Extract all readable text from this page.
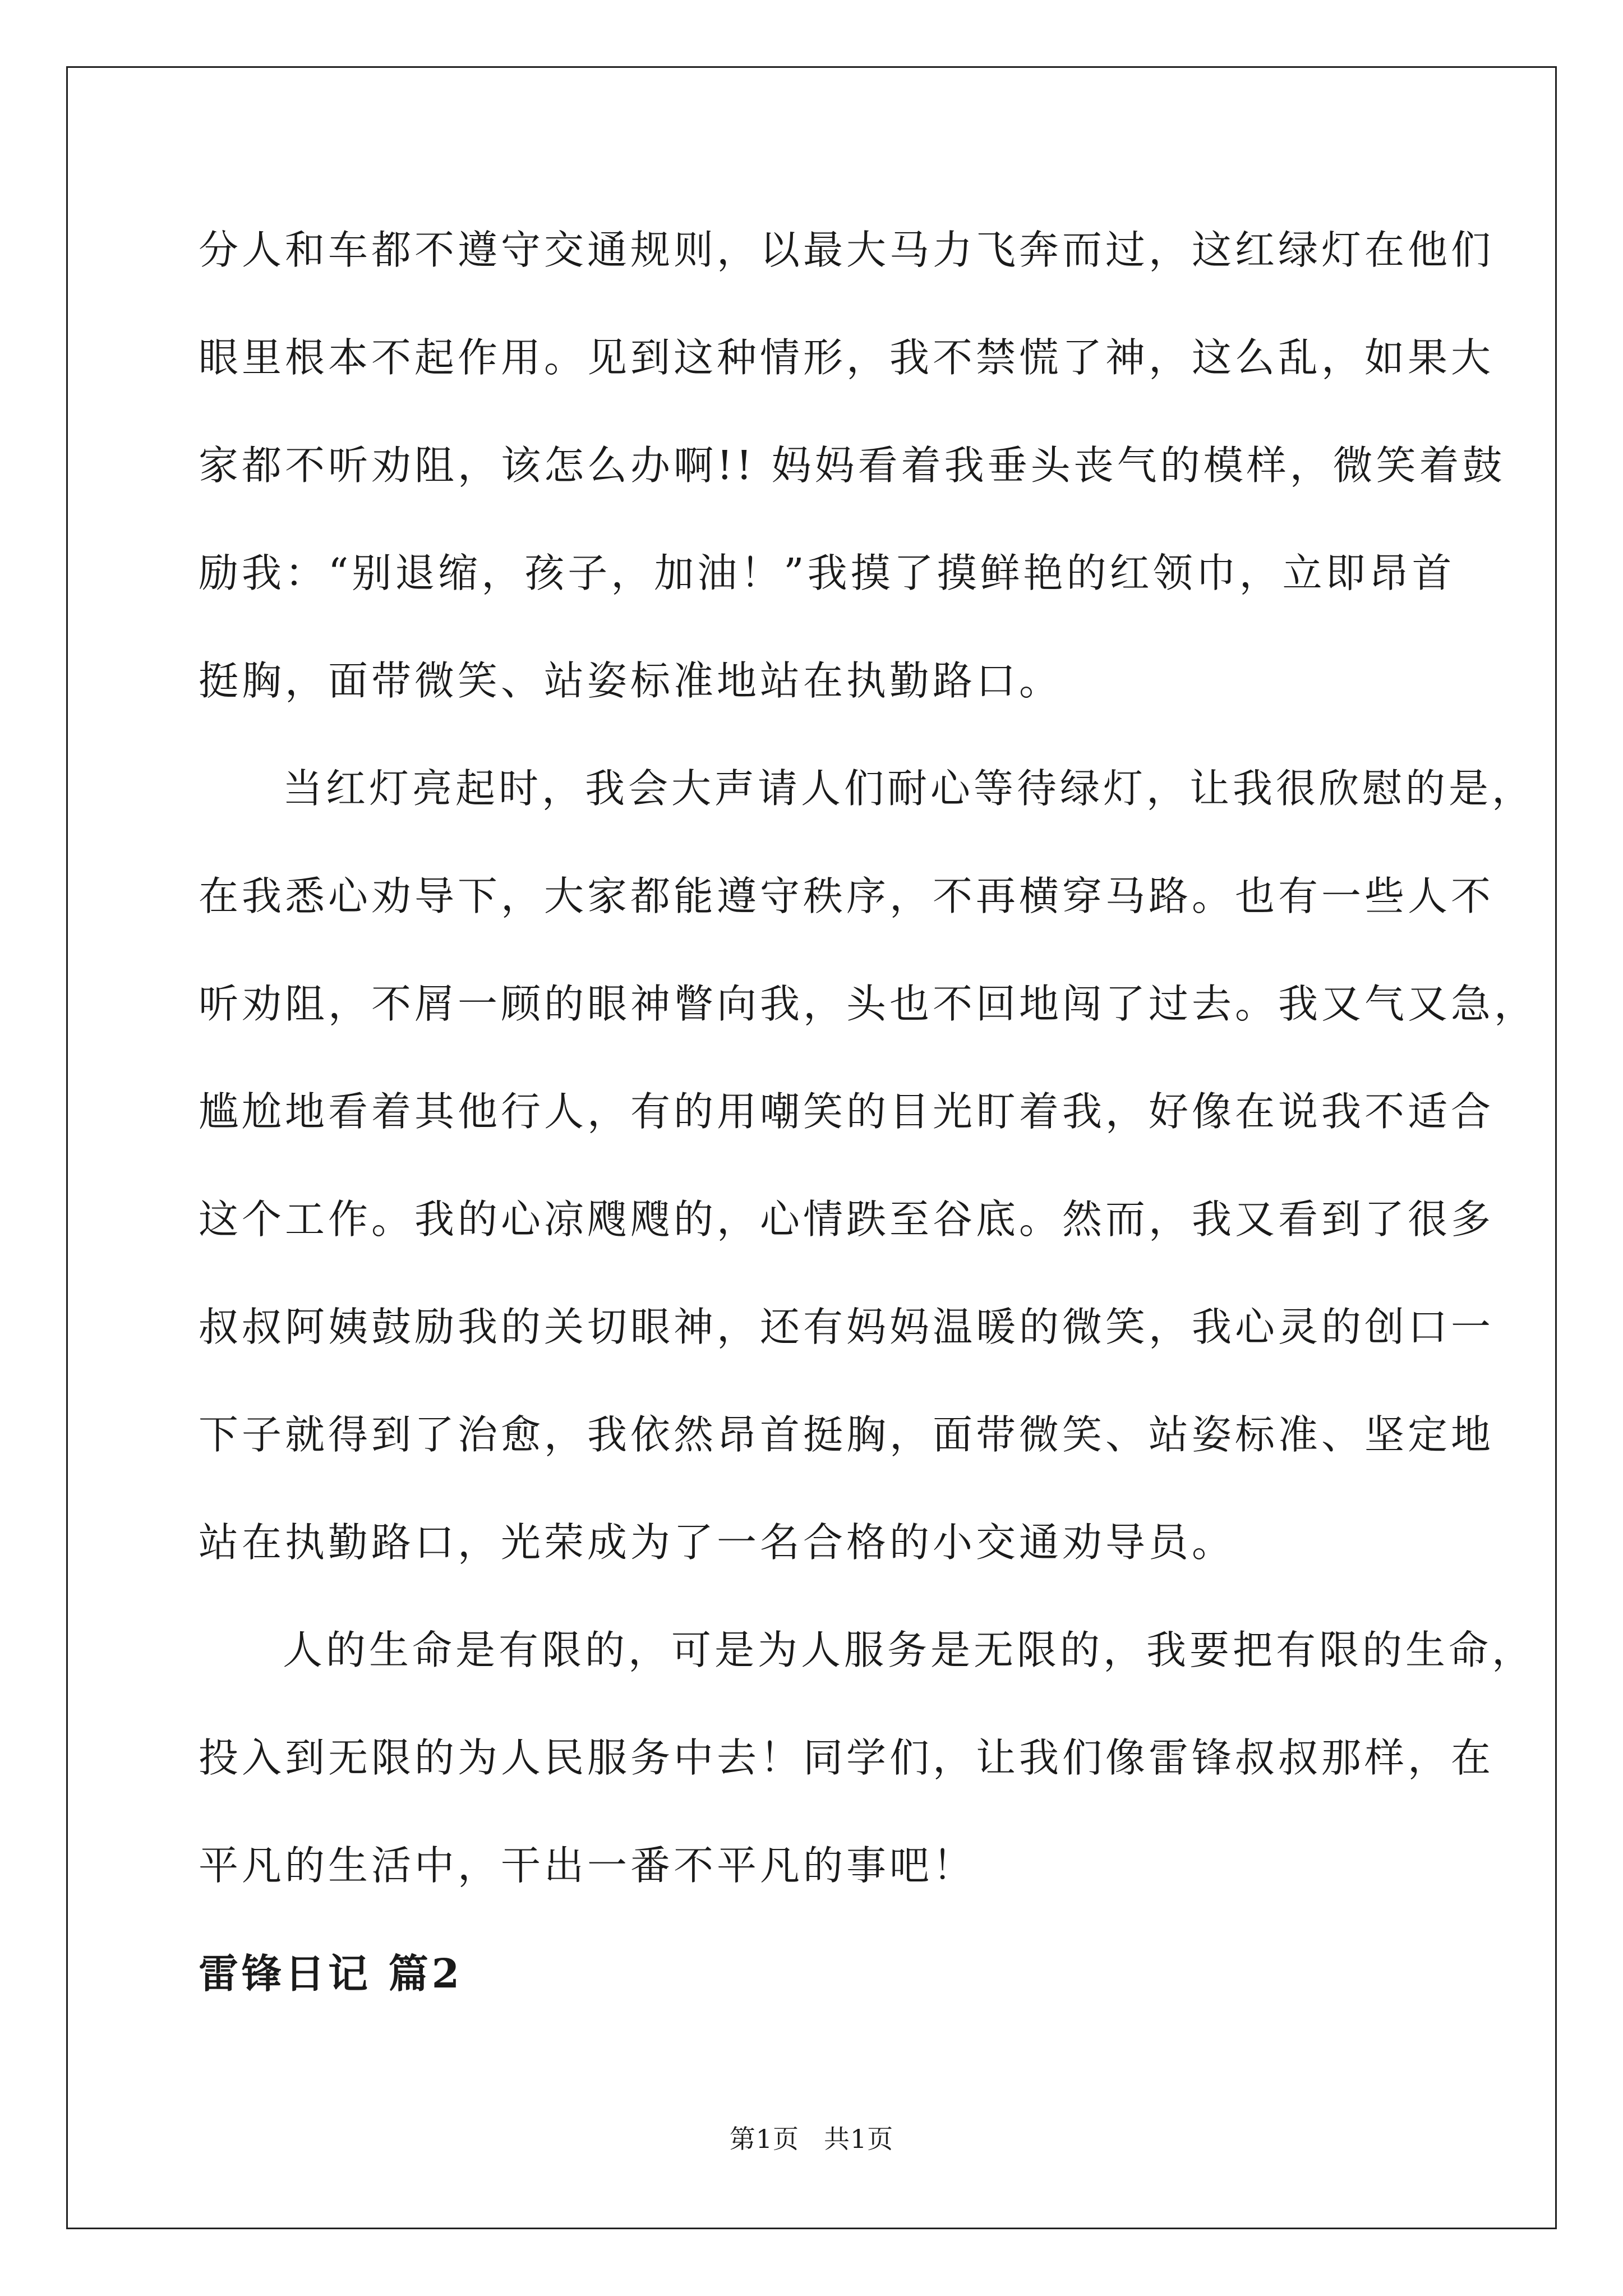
分人和车都不遵守交通规则，以最大马力飞奔而过，这红绿灯在他们
眼里根本不起作用。见到这种情形，我不禁慌了神，这么乱，如果大
家都不听劝阻，该怎么办啊!! 妈妈看着我垂头丧气的模样，微笑着鼓
励我：“别退缩，孩子，加油！”我摸了摸鲜艳的红领巾，立即昂首
挺胸，面带微笑、站姿标准地站在执勤路口。

当红灯亮起时，我会大声请人们耐心等待绿灯，让我很欣慰的是，
在我悉心劝导下，大家都能遵守秩序，不再横穿马路。也有一些人不
听劝阻，不屑一顾的眼神瞥向我，头也不回地闯了过去。我又气又急，
尴尬地看着其他行人，有的用嘲笑的目光盯着我，好像在说我不适合
这个工作。我的心凉飕飕的，心情跌至谷底。然而，我又看到了很多
叔叔阿姨鼓励我的关切眼神，还有妈妈温暖的微笑，我心灵的创口一
下子就得到了治愈，我依然昂首挺胸，面带微笑、站姿标准、坚定地
站在执勤路口，光荣成为了一名合格的小交通劝导员。

人的生命是有限的，可是为人服务是无限的，我要把有限的生命，
投入到无限的为人民服务中去！同学们，让我们像雷锋叔叔那样，在
平凡的生活中，干出一番不平凡的事吧！

雷锋日记 篇2
第1页 共1页
